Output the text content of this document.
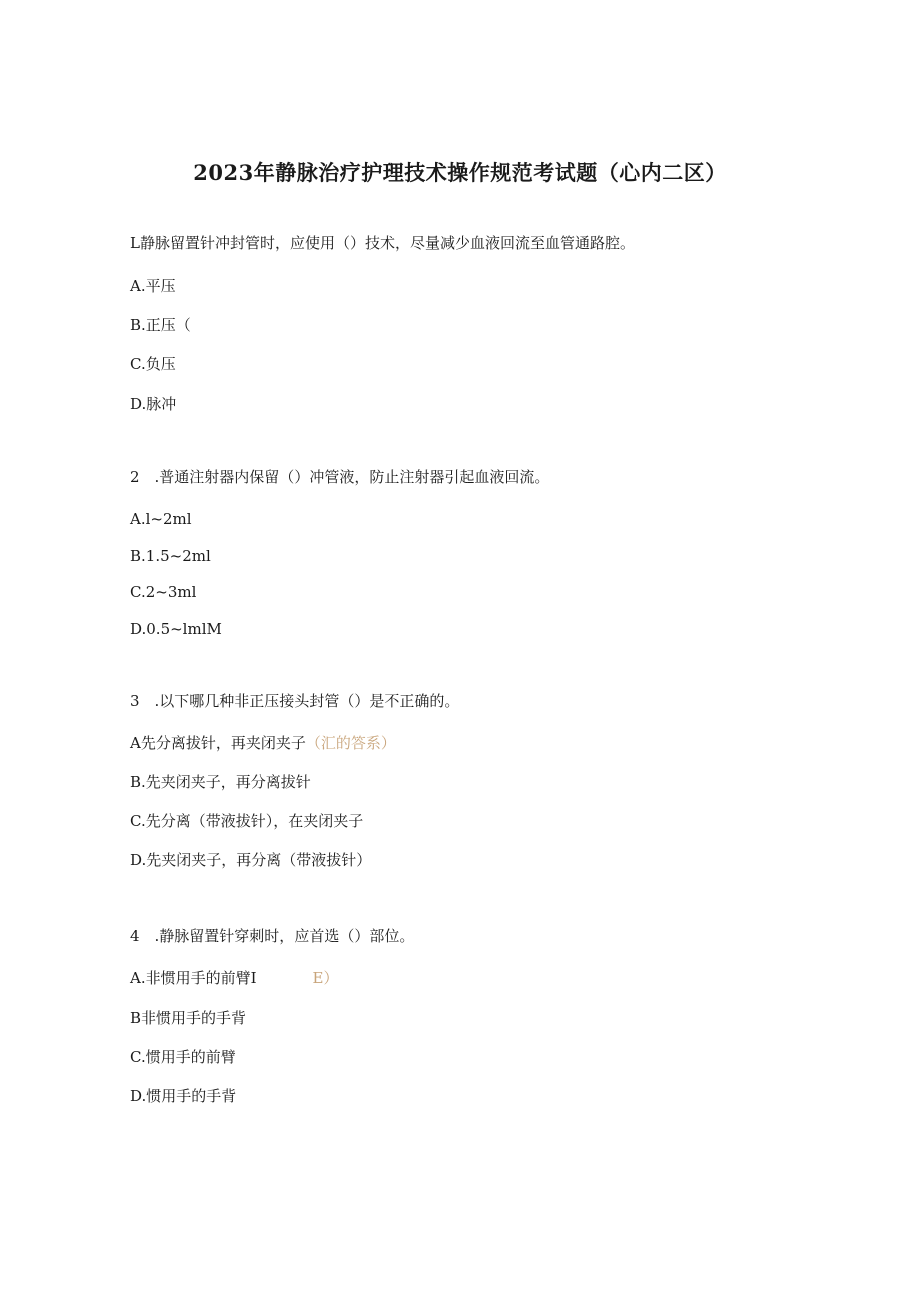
2023年静脉治疗护理技术操作规范考试题（心内二区）
L静脉留置针冲封管时，应使用（）技术，尽量减少血液回流至血管通路腔。
A.平压
B.正压（
C.负压
D.脉冲
2　.普通注射器内保留（）冲管液，防止注射器引起血液回流。
A.l~2ml
B.1.5~2ml
C.2~3ml
D.0.5~lmlM
3　.以下哪几种非正压接头封管（）是不正确的。
A先分离拔针，再夹闭夹子（汇的答系）
B.先夹闭夹子，再分离拔针
C.先分离（带液拔针），在夹闭夹子
D.先夹闭夹子，再分离（带液拔针）
4　.静脉留置针穿刺时，应首选（）部位。
A.非惯用手的前臂I	E）
B非惯用手的手背
C.惯用手的前臂
D.惯用手的手背
